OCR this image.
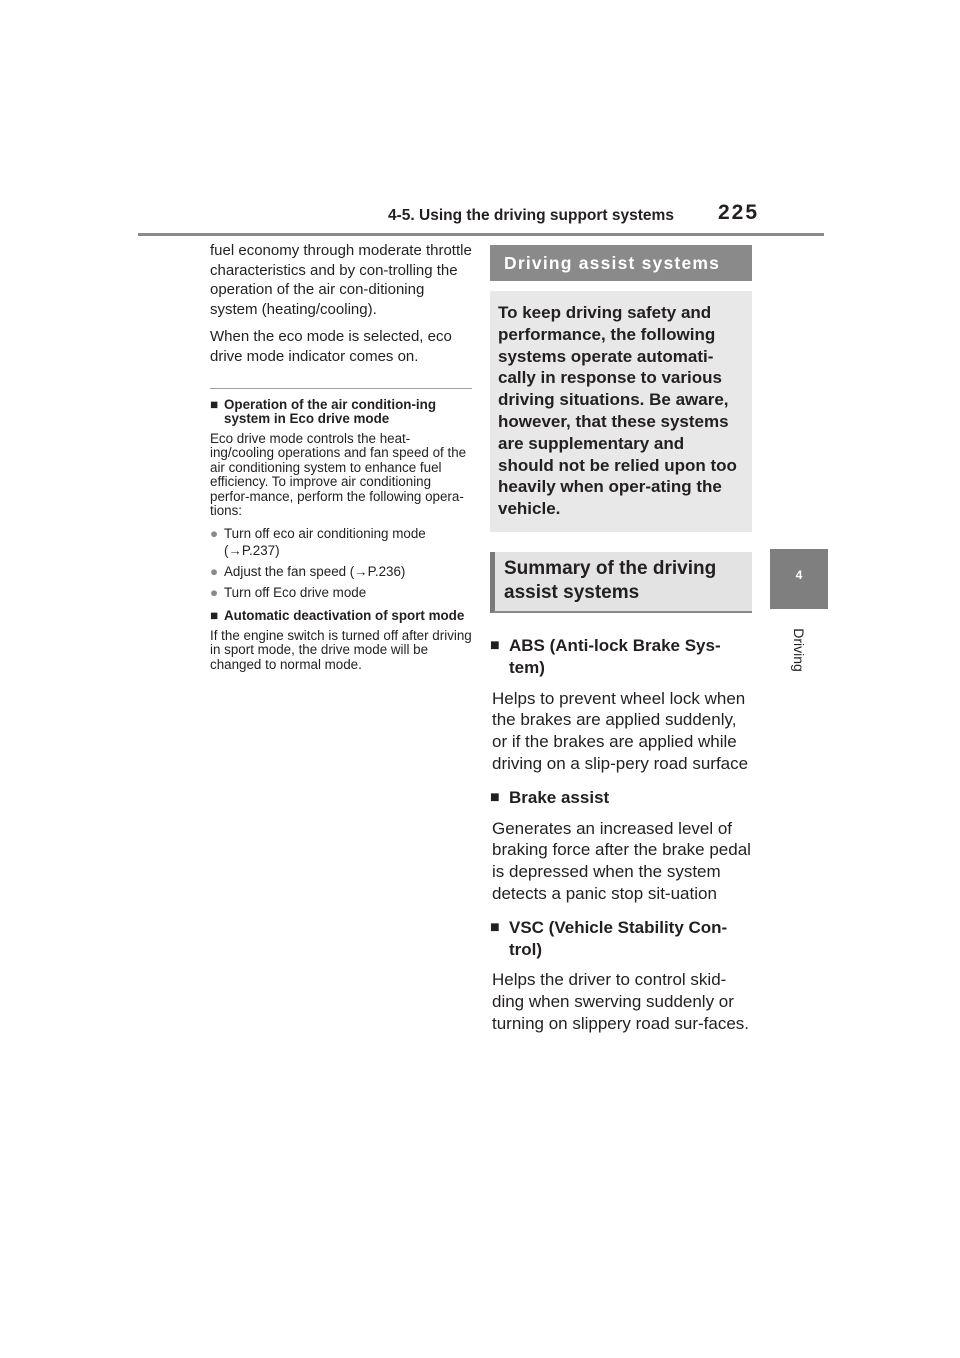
4-5. Using the driving support systems 225
4
Driving

fuel economy through moderate throttle characteristics and by con-trolling the operation of the air con-ditioning system (heating/cooling).

When the eco mode is selected, eco drive mode indicator comes on.

■ Operation of the air condition-ing system in Eco drive mode

Eco drive mode controls the heat-ing/cooling operations and fan speed of the air conditioning system to enhance fuel efficiency. To improve air conditioning perfor-mance, perform the following opera-tions:

● Turn off eco air conditioning mode (→P.237)
● Adjust the fan speed (→P.236)
● Turn off Eco drive mode
■ Automatic deactivation of sport mode

If the engine switch is turned off after driving in sport mode, the drive mode will be changed to normal mode.

Driving assist systems
To keep driving safety and performance, the following systems operate automati-cally in response to various driving situations. Be aware, however, that these systems are supplementary and should not be relied upon too heavily when oper-ating the vehicle.
Summary of the driving assist systems
■ ABS (Anti-lock Brake Sys-tem)

Helps to prevent wheel lock when the brakes are applied suddenly, or if the brakes are applied while driving on a slip-pery road surface

■ Brake assist

Generates an increased level of braking force after the brake pedal is depressed when the system detects a panic stop sit-uation

■ VSC (Vehicle Stability Con-trol)

Helps the driver to control skid-ding when swerving suddenly or turning on slippery road sur-faces.
